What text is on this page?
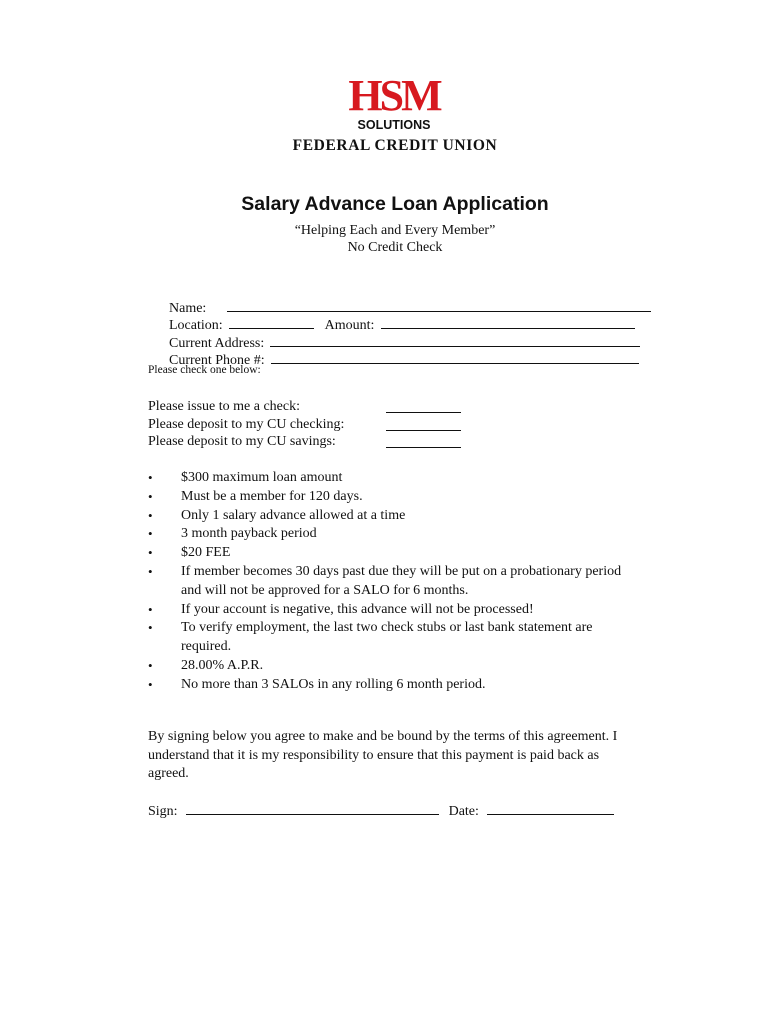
HSM
SOLUTIONS
FEDERAL CREDIT UNION
Salary Advance Loan Application
“Helping Each and Every Member”
No Credit Check

Name:

Location:	Amount:

Current Address:

Current Phone #:

Please check one below:
Please issue to me a check:
Please deposit to my CU checking:
Please deposit to my CU savings:
• $300 maximum loan amount
• Must be a member for 120 days.
• Only 1 salary advance allowed at a time
• 3 month payback period
• $20 FEE
• If member becomes 30 days past due they will be put on a probationary period and will not be approved for a SALO for 6 months.
• If your account is negative, this advance will not be processed!
• To verify employment, the last two check stubs or last bank statement are required.
• 28.00% A.P.R.
• No more than 3 SALOs in any rolling 6 month period.
By signing below you agree to make and be bound by the terms of this agreement. I understand that it is my responsibility to ensure that this payment is paid back as agreed.
Sign:	Date:
